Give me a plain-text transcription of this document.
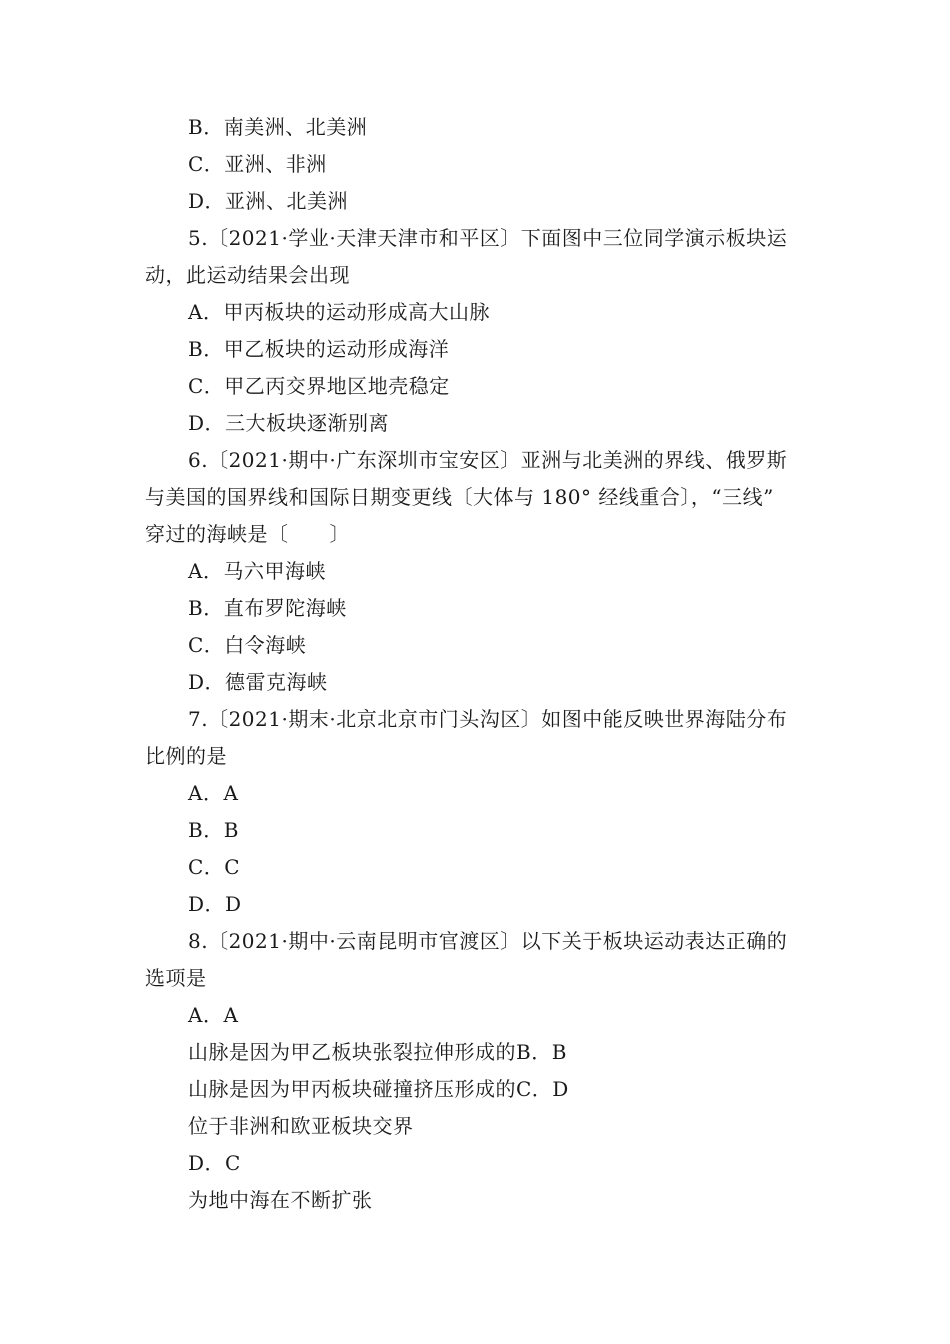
B．南美洲、北美洲
C．亚洲、非洲
D．亚洲、北美洲
5.〔2021·学业·天津天津市和平区〕下面图中三位同学演示板块运
动，此运动结果会出现
A．甲丙板块的运动形成高大山脉
B．甲乙板块的运动形成海洋
C．甲乙丙交界地区地壳稳定
D．三大板块逐渐别离
6.〔2021·期中·广东深圳市宝安区〕亚洲与北美洲的界线、俄罗斯
与美国的国界线和国际日期变更线〔大体与 180° 经线重合〕，“三线”
穿过的海峡是〔　　〕
A．马六甲海峡
B．直布罗陀海峡
C．白令海峡
D．德雷克海峡
7.〔2021·期末·北京北京市门头沟区〕如图中能反映世界海陆分布
比例的是
A．A
B．B
C．C
D．D
8.〔2021·期中·云南昆明市官渡区〕以下关于板块运动表达正确的
选项是
A．A
山脉是因为甲乙板块张裂拉伸形成的B．B
山脉是因为甲丙板块碰撞挤压形成的C．D
位于非洲和欧亚板块交界
D．C
为地中海在不断扩张
